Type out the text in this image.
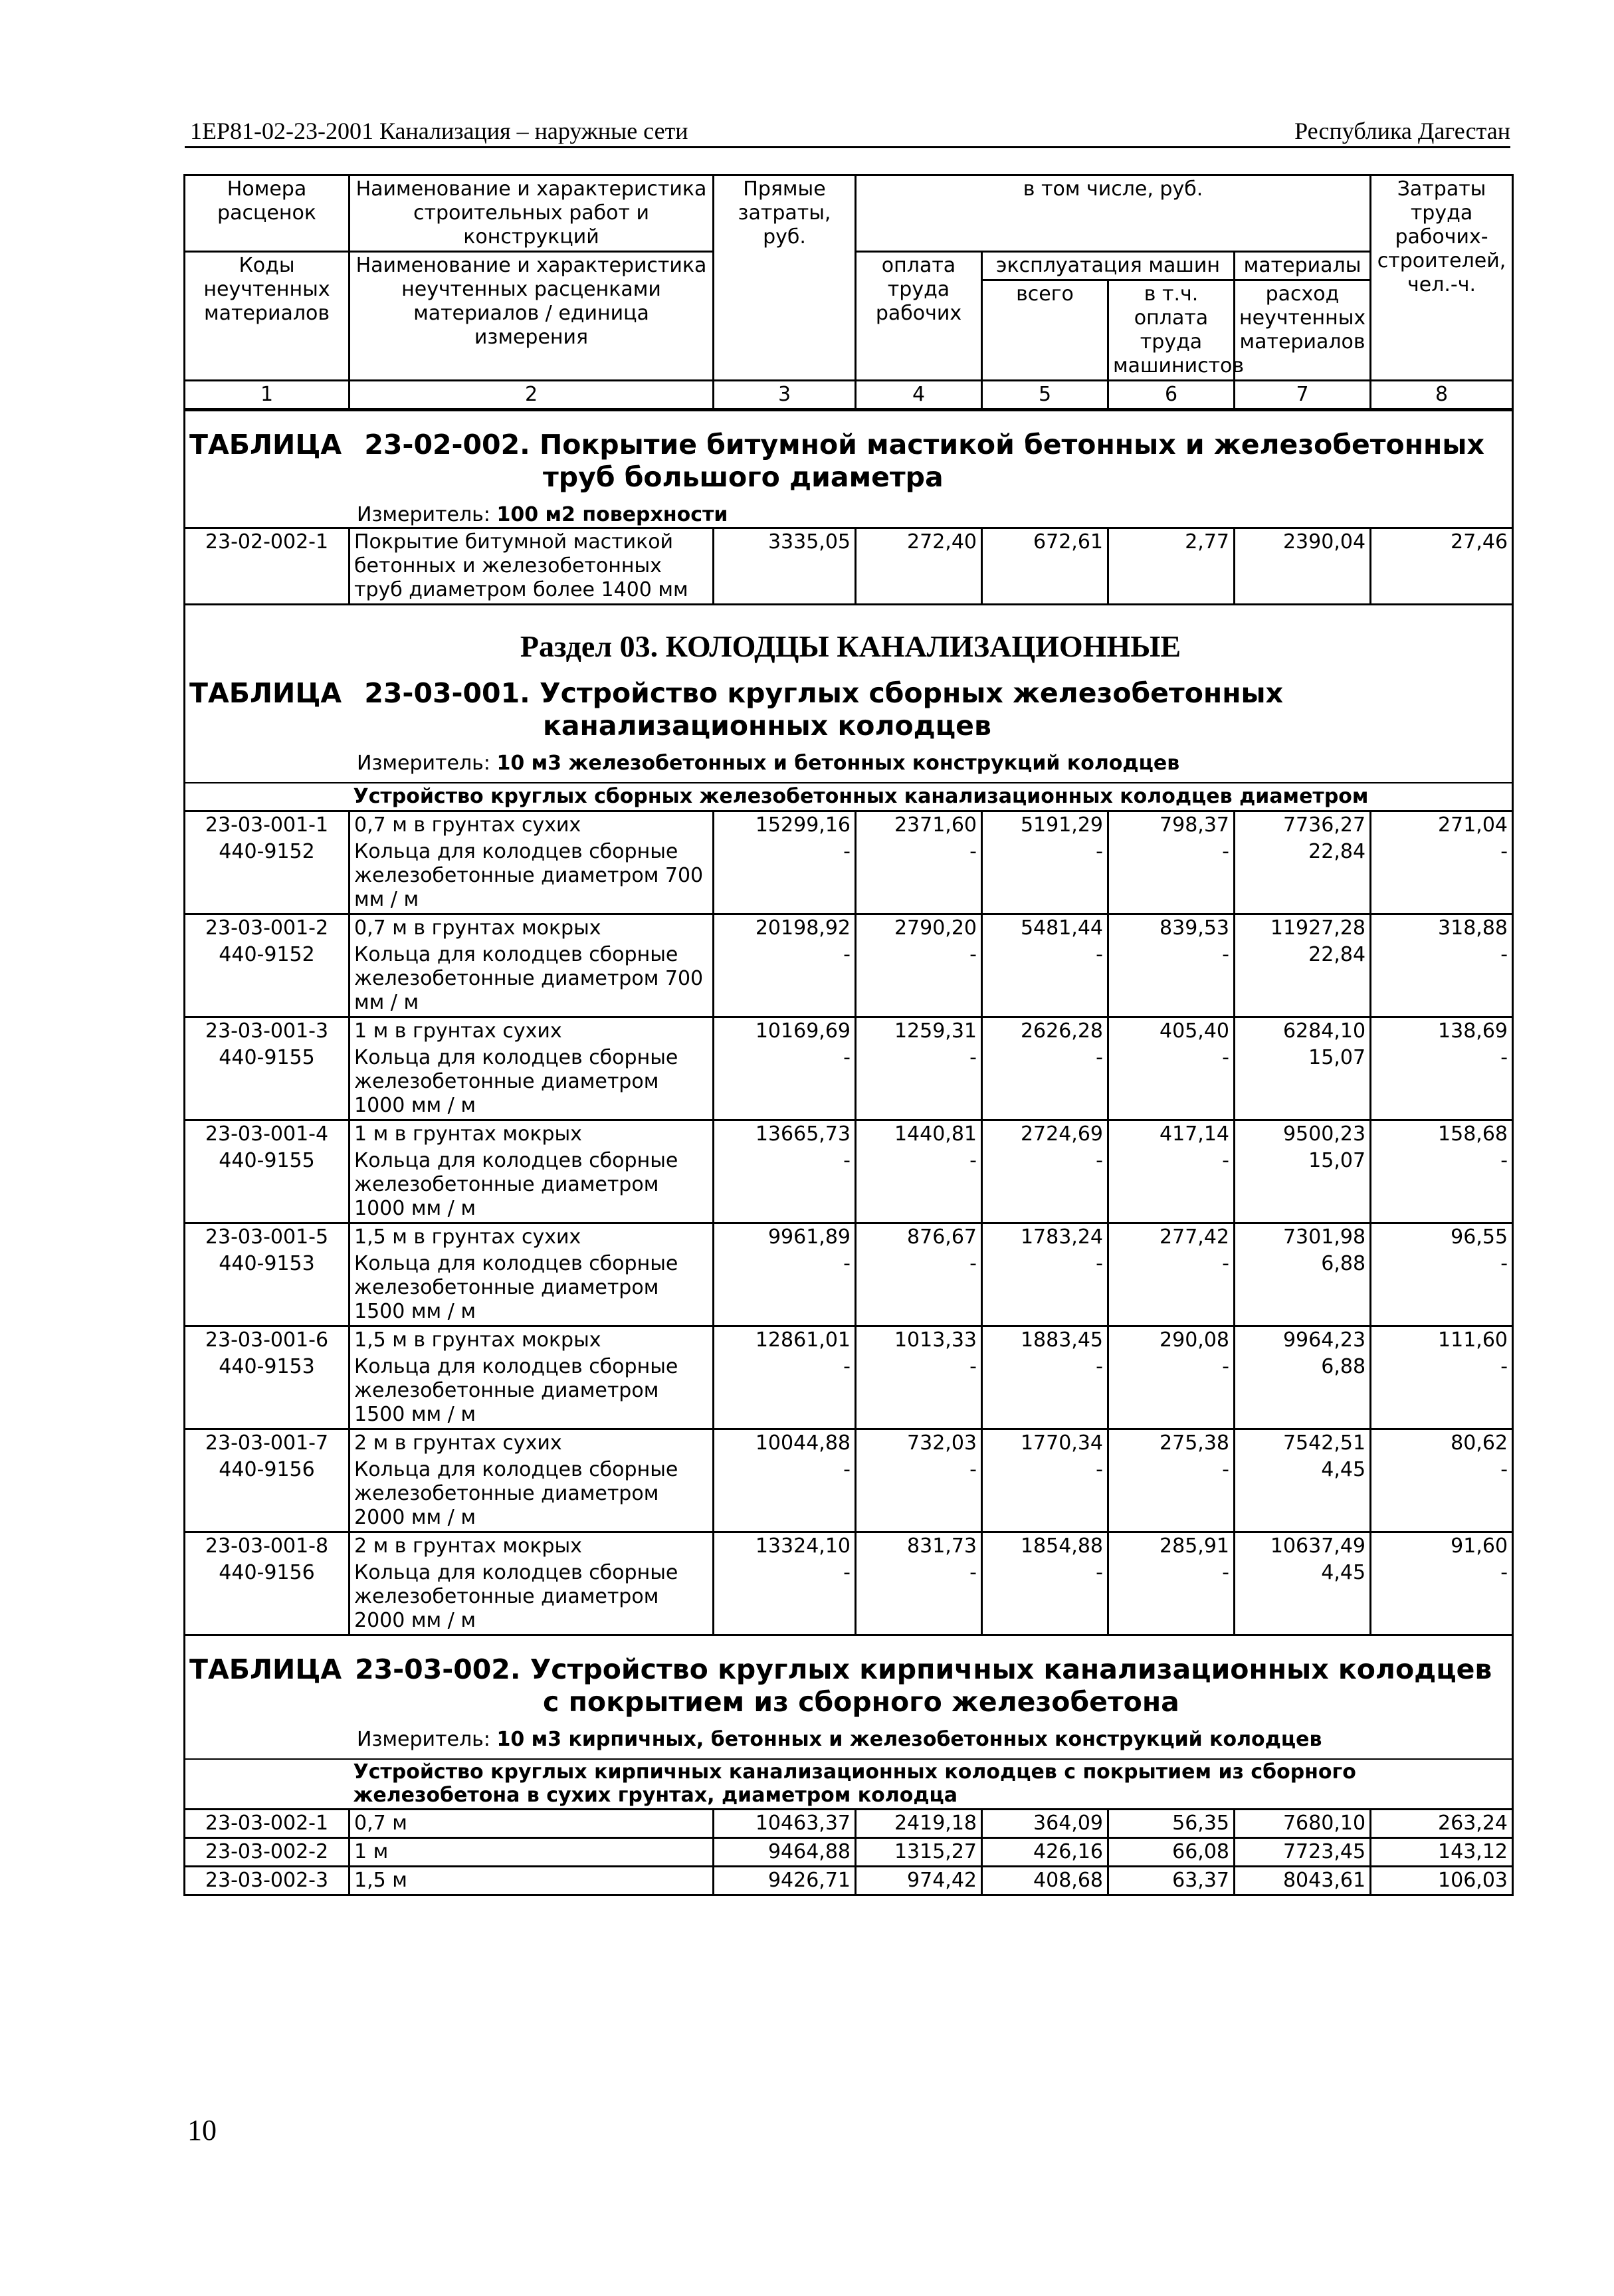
1ЕР81-02-23-2001 Канализация – наружные сети	Республика Дагестан
Номера расценок	Наименование и характеристика строительных работ и конструкций	Прямые затраты, руб.	в том числе, руб.				Затраты труда рабочих-строителей, чел.-ч.
Коды неучтенных материалов	Наименование и характеристика неучтенных расценками материалов / единица измерения		оплата труда рабочих	эксплуатация машин		материалы	
				всего	в т.ч. оплата труда машинистов	расход неучтенных материалов	
1	2	3	4	5	6	7	8

ТАБЛИЦА 23-02-002. Покрытие битумной мастикой бетонных и железобетонных
труб большого диаметра
Измеритель: 100 м2 поверхности							

23-02-002-1	Покрытие битумной мастикой бетонных и железобетонных труб диаметром более 1400 мм	3335,05	272,40	672,61	2,77	2390,04	27,46

Раздел 03. КОЛОДЦЫ КАНАЛИЗАЦИОННЫЕ
ТАБЛИЦА 23-03-001. Устройство круглых сборных железобетонных
канализационных колодцев
Измеритель: 10 м3 железобетонных и бетонных конструкций колодцев							

	Устройство круглых сборных железобетонных канализационных колодцев диаметром						
23-03-001-1	0,7 м в грунтах сухих	15299,16	2371,60	5191,29	798,37	7736,27	271,04
440-9152	Кольца для колодцев сборные железобетонные диаметром 700 мм / м	-	-	-	-	22,84	-
23-03-001-2	0,7 м в грунтах мокрых	20198,92	2790,20	5481,44	839,53	11927,28	318,88
440-9152	Кольца для колодцев сборные железобетонные диаметром 700 мм / м	-	-	-	-	22,84	-
23-03-001-3	1 м в грунтах сухих	10169,69	1259,31	2626,28	405,40	6284,10	138,69
440-9155	Кольца для колодцев сборные железобетонные диаметром 1000 мм / м	-	-	-	-	15,07	-
23-03-001-4	1 м в грунтах мокрых	13665,73	1440,81	2724,69	417,14	9500,23	158,68
440-9155	Кольца для колодцев сборные железобетонные диаметром 1000 мм / м	-	-	-	-	15,07	-
23-03-001-5	1,5 м в грунтах сухих	9961,89	876,67	1783,24	277,42	7301,98	96,55
440-9153	Кольца для колодцев сборные железобетонные диаметром 1500 мм / м	-	-	-	-	6,88	-
23-03-001-6	1,5 м в грунтах мокрых	12861,01	1013,33	1883,45	290,08	9964,23	111,60
440-9153	Кольца для колодцев сборные железобетонные диаметром 1500 мм / м	-	-	-	-	6,88	-
23-03-001-7	2 м в грунтах сухих	10044,88	732,03	1770,34	275,38	7542,51	80,62
440-9156	Кольца для колодцев сборные железобетонные диаметром 2000 мм / м	-	-	-	-	4,45	-
23-03-001-8	2 м в грунтах мокрых	13324,10	831,73	1854,88	285,91	10637,49	91,60
440-9156	Кольца для колодцев сборные железобетонные диаметром 2000 мм / м	-	-	-	-	4,45	-

ТАБЛИЦА 23-03-002. Устройство круглых кирпичных канализационных колодцев
с покрытием из сборного железобетона
Измеритель: 10 м3 кирпичных, бетонных и железобетонных конструкций колодцев							

	Устройство круглых кирпичных канализационных колодцев с покрытием из сборного железобетона в сухих грунтах, диаметром колодца						
23-03-002-1	0,7 м	10463,37	2419,18	364,09	56,35	7680,10	263,24
23-03-002-2	1 м	9464,88	1315,27	426,16	66,08	7723,45	143,12
23-03-002-3	1,5 м	9426,71	974,42	408,68	63,37	8043,61	106,03
10
